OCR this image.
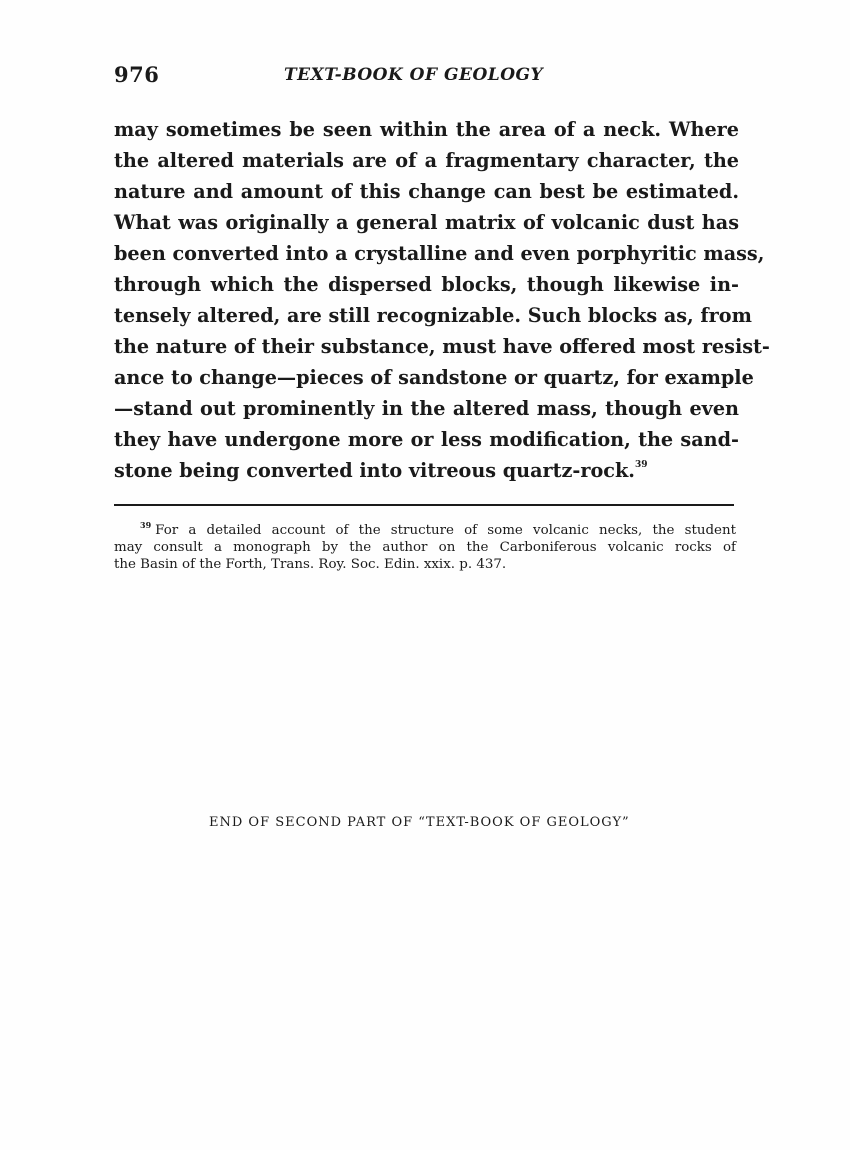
976	TEXT-BOOK OF GEOLOGY
may sometimes be seen within the area of a neck. Where
the altered materials are of a fragmentary character, the
nature and amount of this change can best be estimated.
What was originally a general matrix of volcanic dust has
been converted into a crystalline and even porphyritic mass,
through which the dispersed blocks, though likewise in-
tensely altered, are still recognizable. Such blocks as, from
the nature of their substance, must have offered most resist-
ance to change—pieces of sandstone or quartz, for example
—stand out prominently in the altered mass, though even
they have undergone more or less modification, the sand-
stone being converted into vitreous quartz-rock.$^{39}$
$^{39}$ For a detailed account of the structure of some volcanic necks, the student
may consult a monograph by the author on the Carboniferous volcanic rocks of
the Basin of the Forth, Trans. Roy. Soc. Edin. xxix. p. 437.
END OF SECOND PART OF “TEXT-BOOK OF GEOLOGY”
